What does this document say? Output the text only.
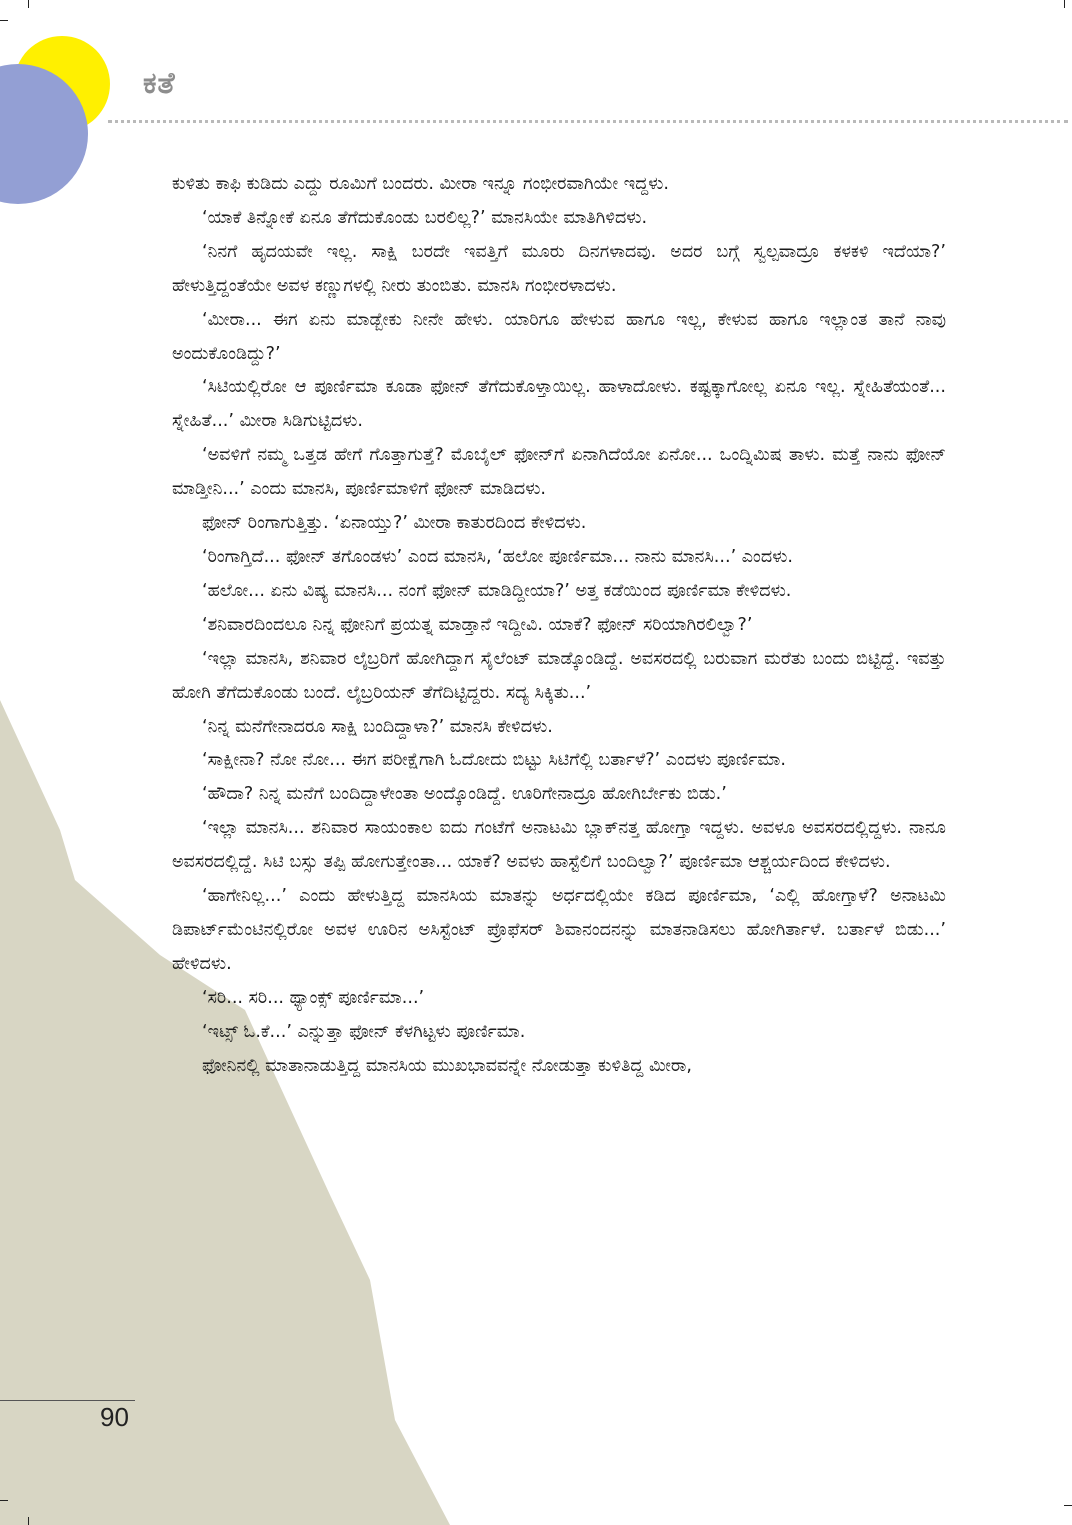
ಕತೆ

ಕುಳಿತು ಕಾಫಿ ಕುಡಿದು ಎದ್ದು ರೂಮಿಗೆ ಬಂದರು. ಮೀರಾ ಇನ್ನೂ ಗಂಭೀರವಾಗಿಯೇ ಇದ್ದಳು.

‘ಯಾಕೆ ತಿನ್ನೋಕೆ ಏನೂ ತೆಗೆದುಕೊಂಡು ಬರಲಿಲ್ಲ?’ ಮಾನಸಿಯೇ ಮಾತಿಗಿಳಿದಳು.

‘ನಿನಗೆ ಹೃದಯವೇ ಇಲ್ಲ. ಸಾಕ್ಷಿ ಬರದೇ ಇವತ್ತಿಗೆ ಮೂರು ದಿನಗಳಾದವು. ಅದರ ಬಗ್ಗೆ ಸ್ವಲ್ಪವಾದ್ರೂ ಕಳಕಳಿ ಇದೆಯಾ?’ ಹೇಳುತ್ತಿದ್ದಂತೆಯೇ ಅವಳ ಕಣ್ಣುಗಳಲ್ಲಿ ನೀರು ತುಂಬಿತು. ಮಾನಸಿ ಗಂಭೀರಳಾದಳು.

‘ಮೀರಾ... ಈಗ ಏನು ಮಾಡ್ಬೇಕು ನೀನೇ ಹೇಳು. ಯಾರಿಗೂ ಹೇಳುವ ಹಾಗೂ ಇಲ್ಲ, ಕೇಳುವ ಹಾಗೂ ಇಲ್ಲಾಂತ ತಾನೆ ನಾವು ಅಂದುಕೊಂಡಿದ್ದು?’

‘ಸಿಟಿಯಲ್ಲಿರೋ ಆ ಪೂರ್ಣಿಮಾ ಕೂಡಾ ಫೋನ್ ತೆಗೆದುಕೊಳ್ತಾಯಿಲ್ಲ. ಹಾಳಾದೋಳು. ಕಷ್ಟಕ್ಕಾಗೋಲ್ಲ ಏನೂ ಇಲ್ಲ. ಸ್ನೇಹಿತೆಯಂತೆ... ಸ್ನೇಹಿತೆ...’ ಮೀರಾ ಸಿಡಿಗುಟ್ಟಿದಳು.

‘ಅವಳಿಗೆ ನಮ್ಮ ಒತ್ತಡ ಹೇಗೆ ಗೊತ್ತಾಗುತ್ತೆ? ಮೊಬೈಲ್ ಫೋನ್‌ಗೆ ಏನಾಗಿದೆಯೋ ಏನೋ... ಒಂದ್ನಿಮಿಷ ತಾಳು. ಮತ್ತೆ ನಾನು ಫೋನ್ ಮಾಡ್ತೀನಿ...’ ಎಂದು ಮಾನಸಿ, ಪೂರ್ಣಿಮಾಳಿಗೆ ಫೋನ್ ಮಾಡಿದಳು.

ಫೋನ್ ರಿಂಗಾಗುತ್ತಿತ್ತು. ‘ಏನಾಯ್ತು?’ ಮೀರಾ ಕಾತುರದಿಂದ ಕೇಳಿದಳು.

‘ರಿಂಗಾಗ್ತಿದೆ... ಫೋನ್ ತಗೊಂಡಳು’ ಎಂದ ಮಾನಸಿ, ‘ಹಲೋ ಪೂರ್ಣಿಮಾ... ನಾನು ಮಾನಸಿ...’ ಎಂದಳು.

‘ಹಲೋ... ಏನು ವಿಷ್ಯ ಮಾನಸಿ... ನಂಗೆ ಫೋನ್ ಮಾಡಿದ್ದೀಯಾ?’ ಅತ್ತ ಕಡೆಯಿಂದ ಪೂರ್ಣಿಮಾ ಕೇಳಿದಳು.

‘ಶನಿವಾರದಿಂದಲೂ ನಿನ್ನ ಫೋನಿಗೆ ಪ್ರಯತ್ನ ಮಾಡ್ತಾನೆ ಇದ್ದೀವಿ. ಯಾಕೆ? ಫೋನ್ ಸರಿಯಾಗಿರಲಿಲ್ವಾ?’

‘ಇಲ್ಲಾ ಮಾನಸಿ, ಶನಿವಾರ ಲೈಬ್ರರಿಗೆ ಹೋಗಿದ್ದಾಗ ಸೈಲೆಂಟ್ ಮಾಡ್ಕೊಂಡಿದ್ದೆ. ಅವಸರದಲ್ಲಿ ಬರುವಾಗ ಮರೆತು ಬಂದು ಬಿಟ್ಟಿದ್ದೆ. ಇವತ್ತು ಹೋಗಿ ತೆಗೆದುಕೊಂಡು ಬಂದೆ. ಲೈಬ್ರರಿಯನ್ ತೆಗೆದಿಟ್ಟಿದ್ದರು. ಸದ್ಯ ಸಿಕ್ಕಿತು...’

‘ನಿನ್ನ ಮನೆಗೇನಾದರೂ ಸಾಕ್ಷಿ ಬಂದಿದ್ದಾಳಾ?’ ಮಾನಸಿ ಕೇಳಿದಳು.

‘ಸಾಕ್ಷೀನಾ? ನೋ ನೋ... ಈಗ ಪರೀಕ್ಷೆಗಾಗಿ ಓದೋದು ಬಿಟ್ಟು ಸಿಟಿಗೆಲ್ಲಿ ಬರ್ತಾಳೆ?’ ಎಂದಳು ಪೂರ್ಣಿಮಾ.

‘ಹೌದಾ? ನಿನ್ನ ಮನೆಗೆ ಬಂದಿದ್ದಾಳೇಂತಾ ಅಂದ್ಕೊಂಡಿದ್ದೆ. ಊರಿಗೇನಾದ್ರೂ ಹೋಗಿರ್ಬೇಕು ಬಿಡು.’

‘ಇಲ್ಲಾ ಮಾನಸಿ... ಶನಿವಾರ ಸಾಯಂಕಾಲ ಐದು ಗಂಟೆಗೆ ಅನಾಟಮಿ ಬ್ಲಾಕ್‌ನತ್ತ ಹೋಗ್ತಾ ಇದ್ದಳು. ಅವಳೂ ಅವಸರದಲ್ಲಿದ್ದಳು. ನಾನೂ ಅವಸರದಲ್ಲಿದ್ದೆ. ಸಿಟಿ ಬಸ್ಸು ತಪ್ಪಿ ಹೋಗುತ್ತೇಂತಾ... ಯಾಕೆ? ಅವಳು ಹಾಸ್ಟೆಲಿಗೆ ಬಂದಿಲ್ವಾ?’ ಪೂರ್ಣಿಮಾ ಆಶ್ಚರ್ಯದಿಂದ ಕೇಳಿದಳು.

‘ಹಾಗೇನಿಲ್ಲ...’ ಎಂದು ಹೇಳುತ್ತಿದ್ದ ಮಾನಸಿಯ ಮಾತನ್ನು ಅರ್ಧದಲ್ಲಿಯೇ ಕಡಿದ ಪೂರ್ಣಿಮಾ, ‘ಎಲ್ಲಿ ಹೋಗ್ತಾಳೆ? ಅನಾಟಮಿ ಡಿಪಾರ್ಟ್‌ಮೆಂಟಿನಲ್ಲಿರೋ ಅವಳ ಊರಿನ ಅಸಿಸ್ಟೆಂಟ್ ಪ್ರೊಫೆಸರ್ ಶಿವಾನಂದನನ್ನು ಮಾತನಾಡಿಸಲು ಹೋಗಿರ್ತಾಳೆ. ಬರ್ತಾಳೆ ಬಿಡು...’ ಹೇಳಿದಳು.

‘ಸರಿ... ಸರಿ... ಥ್ಯಾಂಕ್ಸ್ ಪೂರ್ಣಿಮಾ...’

‘ಇಟ್ಸ್ ಓ.ಕೆ...’ ಎನ್ನುತ್ತಾ ಫೋನ್ ಕೆಳಗಿಟ್ಟಳು ಪೂರ್ಣಿಮಾ.

ಫೋನಿನಲ್ಲಿ ಮಾತಾನಾಡುತ್ತಿದ್ದ ಮಾನಸಿಯ ಮುಖಭಾವವನ್ನೇ ನೋಡುತ್ತಾ ಕುಳಿತಿದ್ದ ಮೀರಾ,

90
